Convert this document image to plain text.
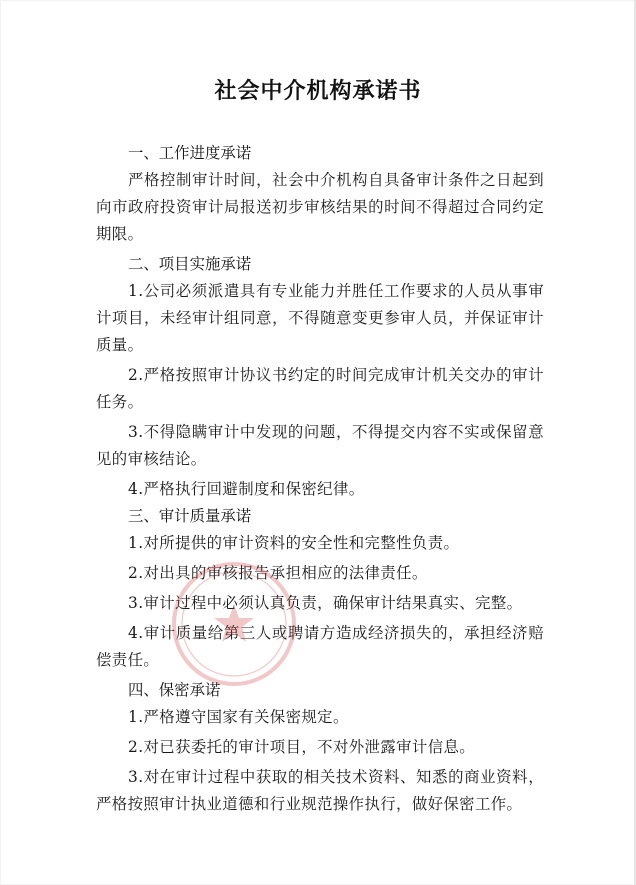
社会中介机构承诺书

一、工作进度承诺

严格控制审计时间，社会中介机构自具备审计条件之日起到向市政府投资审计局报送初步审核结果的时间不得超过合同约定期限。

二、项目实施承诺

1.公司必须派遣具有专业能力并胜任工作要求的人员从事审计项目，未经审计组同意，不得随意变更参审人员，并保证审计质量。

2.严格按照审计协议书约定的时间完成审计机关交办的审计任务。

3.不得隐瞒审计中发现的问题，不得提交内容不实或保留意见的审核结论。

4.严格执行回避制度和保密纪律。

三、审计质量承诺

1.对所提供的审计资料的安全性和完整性负责。

2.对出具的审核报告承担相应的法律责任。

3.审计过程中必须认真负责，确保审计结果真实、完整。

4.审计质量给第三人或聘请方造成经济损失的，承担经济赔偿责任。

四、保密承诺

1.严格遵守国家有关保密规定。

2.对已获委托的审计项目，不对外泄露审计信息。

3.对在审计过程中获取的相关技术资料、知悉的商业资料，严格按照审计执业道德和行业规范操作执行，做好保密工作。
